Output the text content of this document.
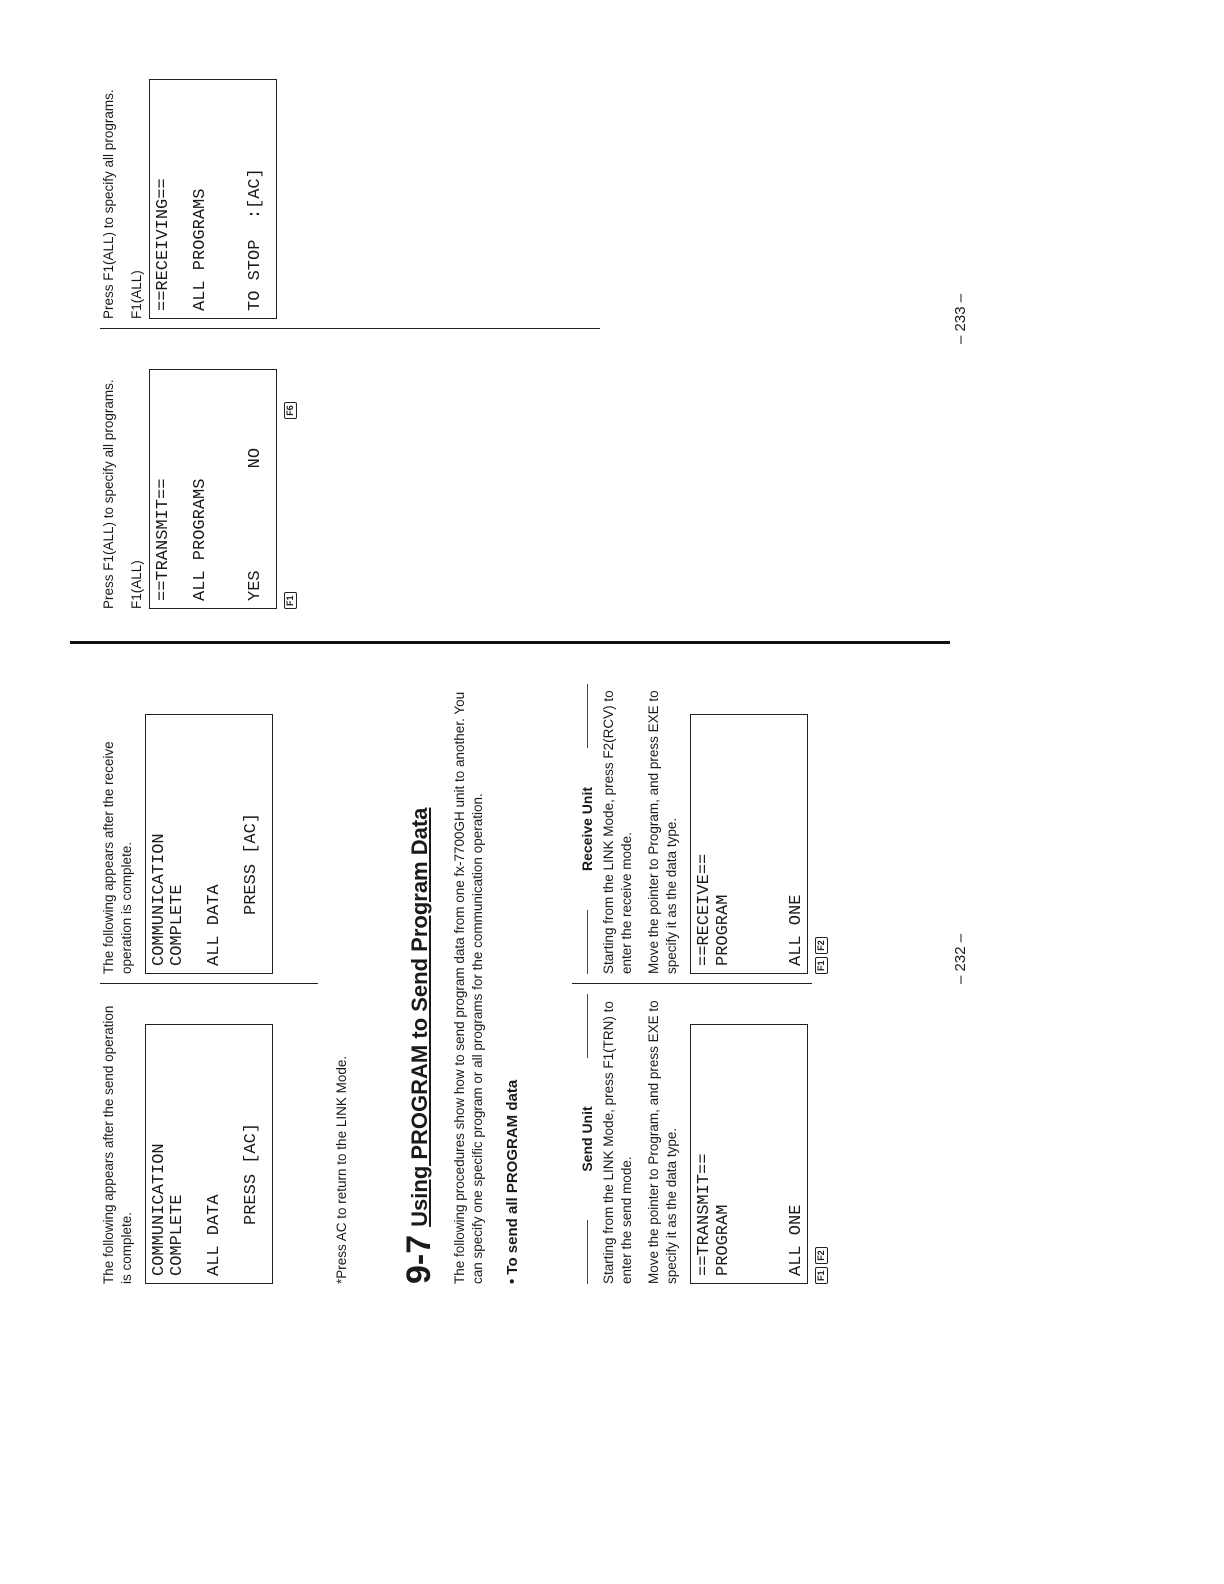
The following appears after the send operation is complete. COMMUNICATION
COMPLETE

ALL DATA

PRESS [AC]	*Press AC to return to the LINK Mode.

The following appears after the receive operation is complete. COMMUNICATION
COMPLETE

ALL DATA

PRESS [AC]
9-7Using PROGRAM to Send Program Data	The following procedures show how to send program data from one fx-7700GH unit to another. You can specify one specific program or all programs for the communication operation. • To send all PROGRAM data	Send Unit Starting from the LINK Mode, press F1(TRN) to enter the send mode. Move the pointer to Program, and press EXE to specify it as the data type. ==TRANSMIT==
PROGRAM

ALL ONE
F1 F2
Receive Unit Starting from the LINK Mode, press F2(RCV) to enter the receive mode. Move the pointer to Program, and press EXE to specify it as the data type. ==RECEIVE==
PROGRAM

ALL ONE
F1 F2	– 232 –

Press F1(ALL) to specify all programs. F1(ALL) ==TRANSMIT==

ALL PROGRAMS

YES          NO
F1 F6

Press F1(ALL) to specify all programs. F1(ALL) ==RECEIVING==

ALL PROGRAMS

TO STOP  :[AC]
– 233 –
